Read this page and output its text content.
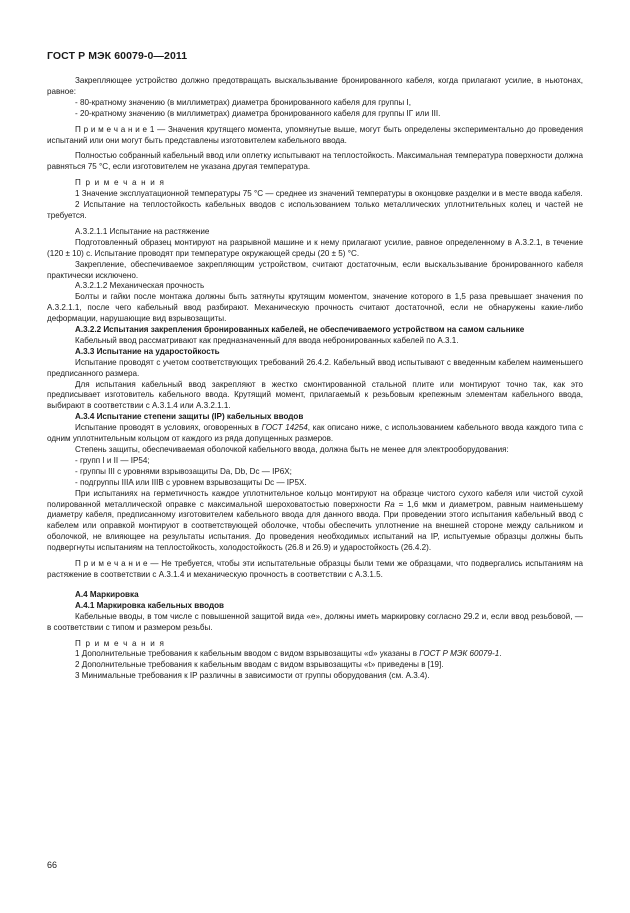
ГОСТ Р МЭК 60079-0—2011

Закрепляющее устройство должно предотвращать выскальзывание бронированного кабеля, когда прилагают усилие, в ньютонах, равное:

- 80-кратному значению (в миллиметрах) диаметра бронированного кабеля для группы I,

- 20-кратному значению (в миллиметрах) диаметра бронированного кабеля для группы IГ или III.

П р и м е ч а н и е 1 — Значения крутящего момента, упомянутые выше, могут быть определены экспериментально до проведения испытаний или они могут быть представлены изготовителем кабельного ввода.

Полностью собранный кабельный ввод или оплетку испытывают на теплостойкость. Максимальная температура поверхности должна равняться 75 °С, если изготовителем не указана другая температура.

П р и м е ч а н и я

1 Значение эксплуатационной температуры 75 °С — среднее из значений температуры в оконцовке разделки и в месте ввода кабеля.

2 Испытание на теплостойкость кабельных вводов с использованием только металлических уплотнительных колец и частей не требуется.

А.3.2.1.1 Испытание на растяжение

Подготовленный образец монтируют на разрывной машине и к нему прилагают усилие, равное определенному в А.3.2.1, в течение (120 ± 10) с. Испытание проводят при температуре окружающей среды (20 ± 5) °С.

Закрепление, обеспечиваемое закрепляющим устройством, считают достаточным, если выскальзывание бронированного кабеля практически исключено.

А.3.2.1.2 Механическая прочность

Болты и гайки после монтажа должны быть затянуты крутящим моментом, значение которого в 1,5 раза превышает значения по А.3.2.1.1, после чего кабельный ввод разбирают. Механическую прочность считают достаточной, если не обнаружены какие-либо деформации, нарушающие вид взрывозащиты.

А.3.2.2 Испытания закрепления бронированных кабелей, не обеспечиваемого устройством на самом сальнике

Кабельный ввод рассматривают как предназначенный для ввода небронированных кабелей по А.3.1.

А.3.3 Испытание на ударостойкость

Испытание проводят с учетом соответствующих требований 26.4.2. Кабельный ввод испытывают с введенным кабелем наименьшего предписанного размера.

Для испытания кабельный ввод закрепляют в жестко смонтированной стальной плите или монтируют точно так, как это предписывает изготовитель кабельного ввода. Крутящий момент, прилагаемый к резьбовым крепежным элементам кабельного ввода, выбирают в соответствии с А.3.1.4 или А.3.2.1.1.

А.3.4 Испытание степени защиты (IP) кабельных вводов

Испытание проводят в условиях, оговоренных в ГОСТ 14254, как описано ниже, с использованием кабельного ввода каждого типа с одним уплотнительным кольцом от каждого из ряда допущенных размеров.

Степень защиты, обеспечиваемая оболочкой кабельного ввода, должна быть не менее для электрооборудования:

- групп I и II — IP54;

- группы III с уровнями взрывозащиты Da, Db, Dc — IP6X;

- подгруппы IIIA или IIIB с уровнем взрывозащиты Dc — IP5X.

При испытаниях на герметичность каждое уплотнительное кольцо монтируют на образце чистого сухого кабеля или чистой сухой полированной металлической оправке с максимальной шероховатостью поверхности Ra = 1,6 мкм и диаметром, равным наименьшему диаметру кабеля, предписанному изготовителем кабельного ввода для данного ввода. При проведении этого испытания кабельный ввод с кабелем или оправкой монтируют в соответствующей оболочке, чтобы обеспечить уплотнение на внешней стороне между сальником и оболочкой, не влияющее на результаты испытания. До проведения необходимых испытаний на IP, испытуемые образцы должны быть подвергнуты испытаниям на теплостойкость, холодостойкость (26.8 и 26.9) и ударостойкость (26.4.2).

П р и м е ч а н и е — Не требуется, чтобы эти испытательные образцы были теми же образцами, что подвергались испытаниям на растяжение в соответствии с А.3.1.4 и механическую прочность в соответствии с А.3.1.5.

А.4 Маркировка

А.4.1 Маркировка кабельных вводов

Кабельные вводы, в том числе с повышенной защитой вида «е», должны иметь маркировку согласно 29.2 и, если ввод резьбовой, — в соответствии с типом и размером резьбы.

П р и м е ч а н и я

1 Дополнительные требования к кабельным вводом с видом взрывозащиты «d» указаны в ГОСТ Р МЭК 60079-1.

2 Дополнительные требования к кабельным вводам с видом взрывозащиты «t» приведены в [19].

3 Минимальные требования к IP различны в зависимости от группы оборудования (см. А.3.4).

66
